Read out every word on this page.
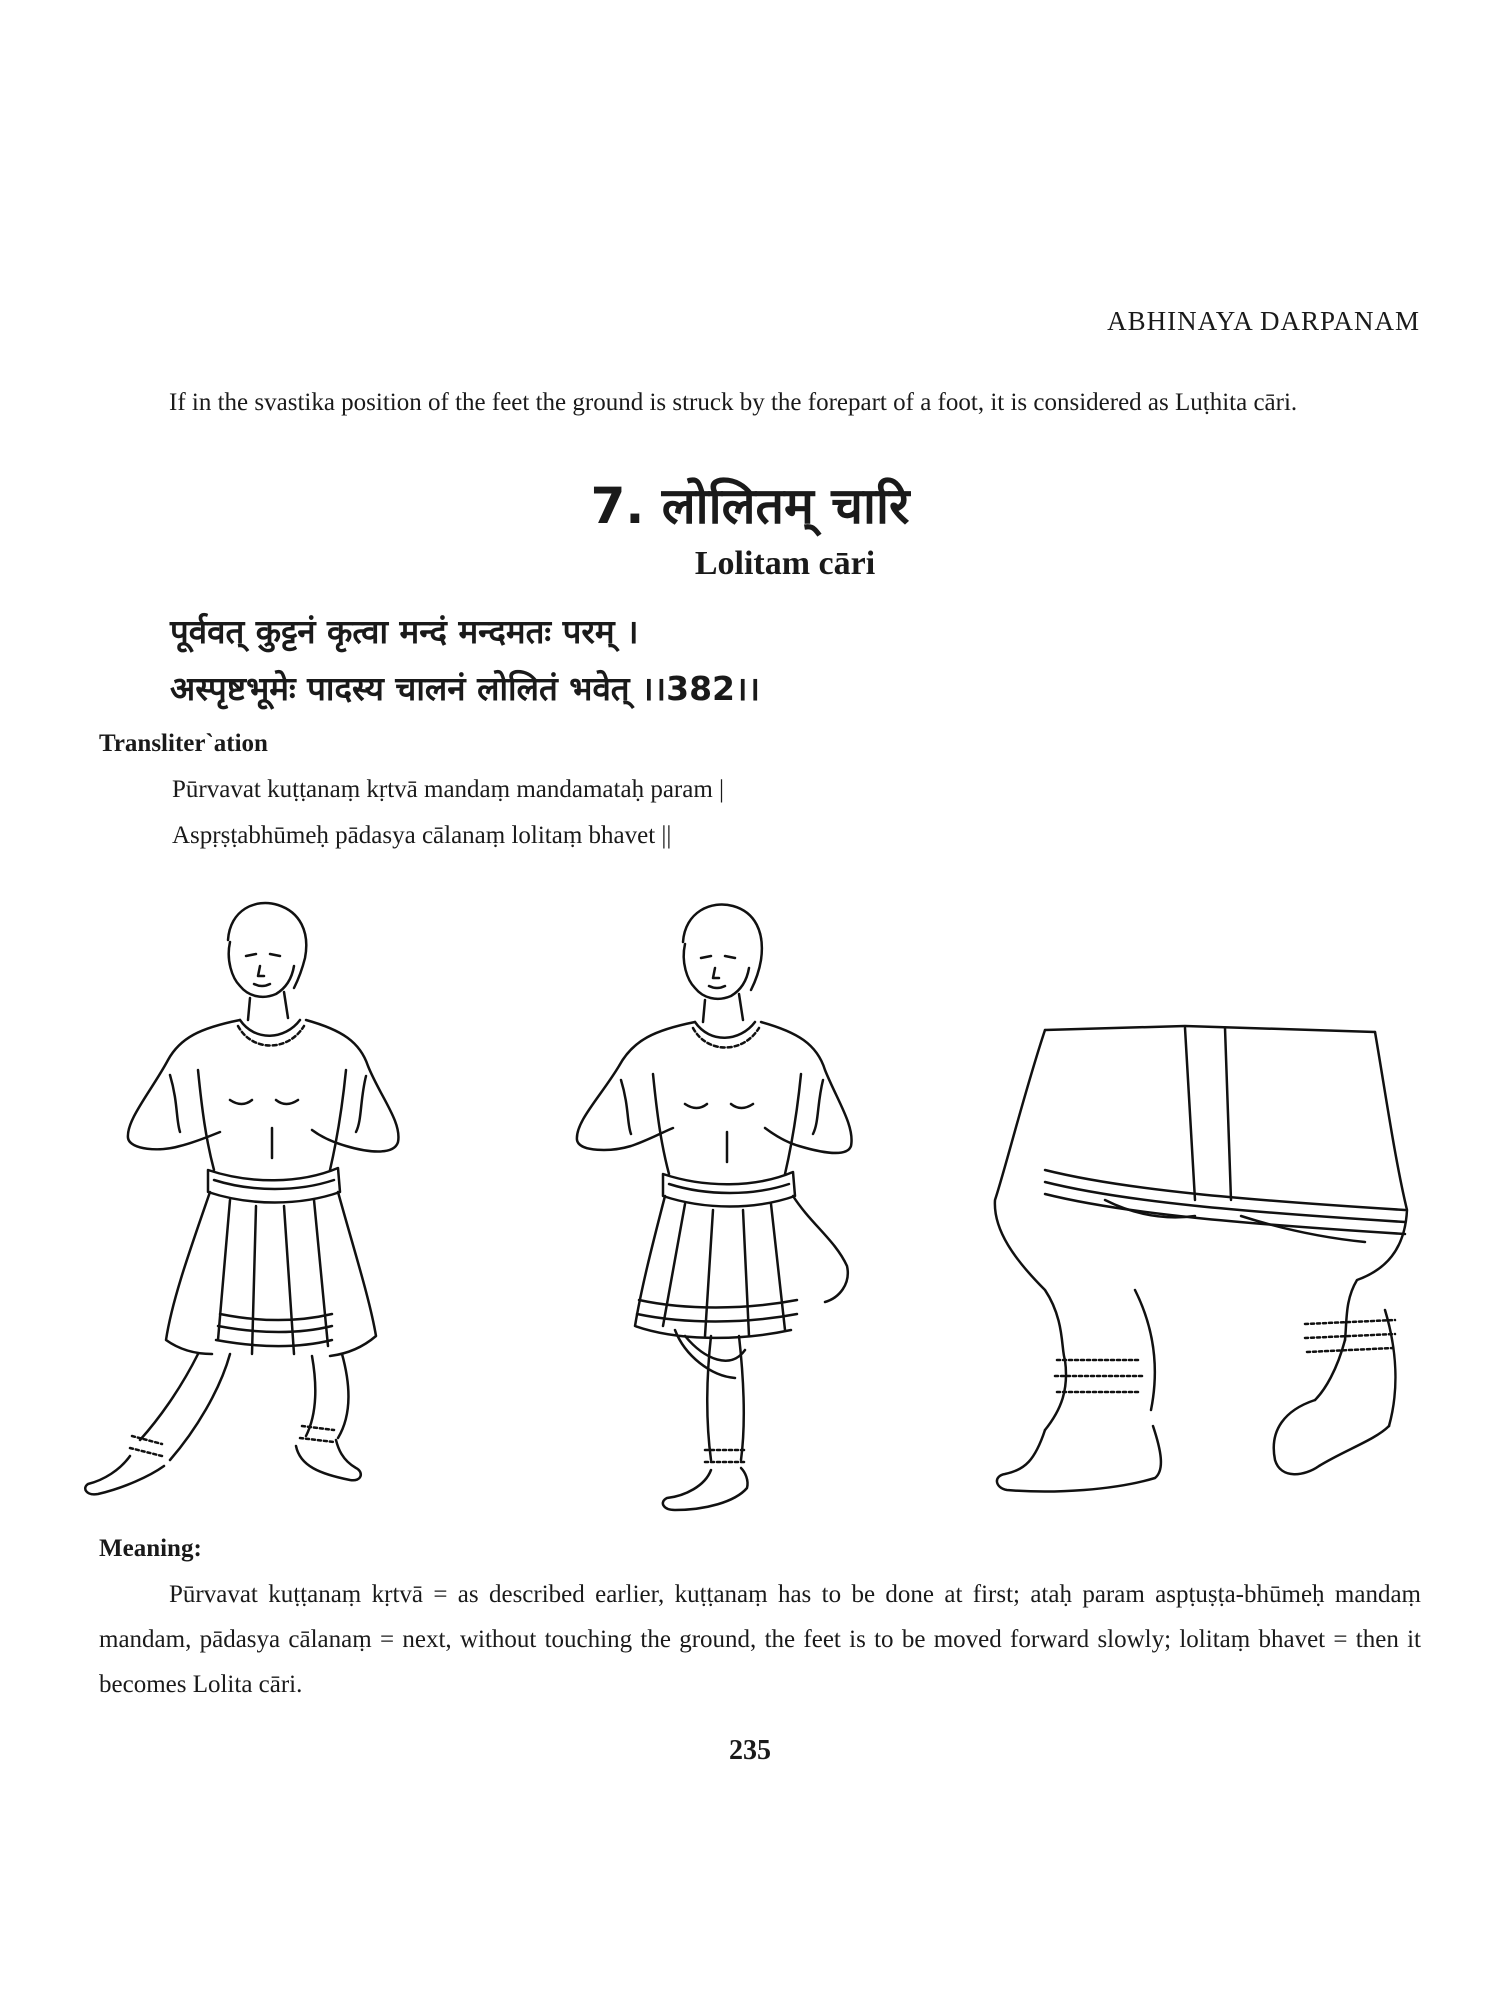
ABHINAYA DARPANAM
If in the svastika position of the feet the ground is struck by the forepart of a foot, it is considered as Luṭhita cāri.
7. लोलितम् चारि
Lolitam cāri
पूर्ववत् कुट्टनं कृत्वा मन्दं मन्दमतः परम् ।
अस्पृष्टभूमेः पादस्य चालनं लोलितं भवेत् ।।382।।
Transliter`ation
Pūrvavat kuṭṭanaṃ kṛtvā mandaṃ mandamataḥ param |
Aspṛṣṭabhūmeḥ pādasya cālanaṃ lolitaṃ bhavet ||
Meaning:
Pūrvavat kuṭṭanaṃ kṛtvā = as described earlier, kuṭṭanaṃ has to be done at first; ataḥ param aspṭuṣṭa-bhūmeḥ mandaṃ mandam, pādasya cālanaṃ = next, without touching the ground, the feet is to be moved forward slowly; lolitaṃ bhavet = then it becomes Lolita cāri.
235
